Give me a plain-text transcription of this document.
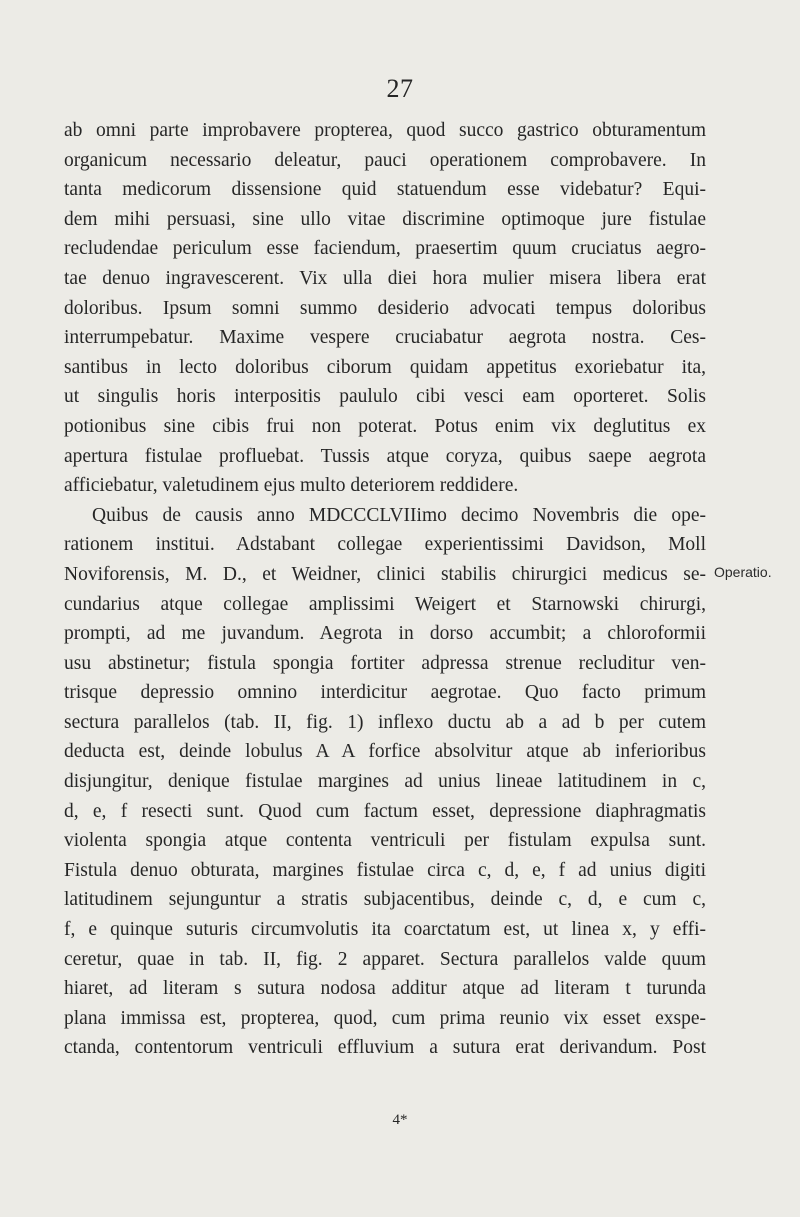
27
ab omni parte improbavere propterea, quod succo gastrico obturamentum
organicum necessario deleatur, pauci operationem comprobavere. In
tanta medicorum dissensione quid statuendum esse videbatur? Equi-
dem mihi persuasi, sine ullo vitae discrimine optimoque jure fistulae
recludendae periculum esse faciendum, praesertim quum cruciatus aegro-
tae denuo ingravescerent. Vix ulla diei hora mulier misera libera erat
doloribus. Ipsum somni summo desiderio advocati tempus doloribus
interrumpebatur. Maxime vespere cruciabatur aegrota nostra. Ces-
santibus in lecto doloribus ciborum quidam appetitus exoriebatur ita,
ut singulis horis interpositis paululo cibi vesci eam oporteret. Solis
potionibus sine cibis frui non poterat. Potus enim vix deglutitus ex
apertura fistulae profluebat. Tussis atque coryza, quibus saepe aegrota
afficiebatur, valetudinem ejus multo deteriorem reddidere.
Quibus de causis anno MDCCCLVIIimo decimo Novembris die ope-
rationem institui. Adstabant collegae experientissimi Davidson, Moll
Noviforensis, M. D., et Weidner, clinici stabilis chirurgici medicus se-
cundarius atque collegae amplissimi Weigert et Starnowski chirurgi,
prompti, ad me juvandum. Aegrota in dorso accumbit; a chloroformii
usu abstinetur; fistula spongia fortiter adpressa strenue recluditur ven-
trisque depressio omnino interdicitur aegrotae. Quo facto primum
sectura parallelos (tab. II, fig. 1) inflexo ductu ab a ad b per cutem
deducta est, deinde lobulus A A forfice absolvitur atque ab inferioribus
disjungitur, denique fistulae margines ad unius lineae latitudinem in c,
d, e, f resecti sunt. Quod cum factum esset, depressione diaphragmatis
violenta spongia atque contenta ventriculi per fistulam expulsa sunt.
Fistula denuo obturata, margines fistulae circa c, d, e, f ad unius digiti
latitudinem sejunguntur a stratis subjacentibus, deinde c, d, e cum c,
f, e quinque suturis circumvolutis ita coarctatum est, ut linea x, y effi-
ceretur, quae in tab. II, fig. 2 apparet. Sectura parallelos valde quum
hiaret, ad literam s sutura nodosa additur atque ad literam t turunda
plana immissa est, propterea, quod, cum prima reunio vix esset exspe-
ctanda, contentorum ventriculi effluvium a sutura erat derivandum. Post
Operatio.
4*
